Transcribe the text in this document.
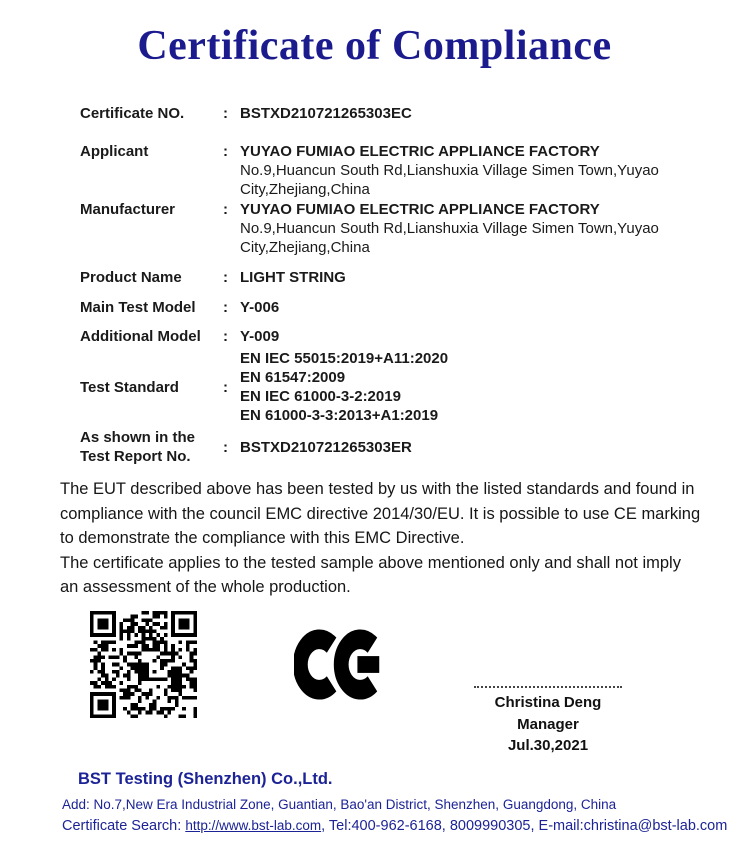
Certificate of Compliance
Certificate NO.	: BSTXD210721265303EC
Applicant	: YUYAO FUMIAO ELECTRIC APPLIANCE FACTORY
No.9,Huancun South Rd,Lianshuxia Village Simen Town,Yuyao
City,Zhejiang,China
Manufacturer	: YUYAO FUMIAO ELECTRIC APPLIANCE FACTORY
No.9,Huancun South Rd,Lianshuxia Village Simen Town,Yuyao
City,Zhejiang,China
Product Name	: LIGHT STRING
Main Test Model	: Y-006
Additional Model	: Y-009
Test Standard	:
EN IEC 55015:2019+A11:2020
EN 61547:2009
EN IEC 61000-3-2:2019
EN 61000-3-3:2013+A1:2019
As shown in the
Test Report No.
: BSTXD210721265303ER

The EUT described above has been tested by us with the listed standards and found in compliance with the council EMC directive 2014/30/EU. It is possible to use CE marking to demonstrate the compliance with this EMC Directive.

The certificate applies to the tested sample above mentioned only and shall not imply an assessment of the whole production.

Christina Deng
Manager
Jul.30,2021
BST Testing (Shenzhen) Co.,Ltd.
Add: No.7,New Era Industrial Zone, Guantian, Bao'an District, Shenzhen, Guangdong, China
Certificate Search: http://www.bst-lab.com, Tel:400-962-6168, 8009990305, E-mail:christina@bst-lab.com
